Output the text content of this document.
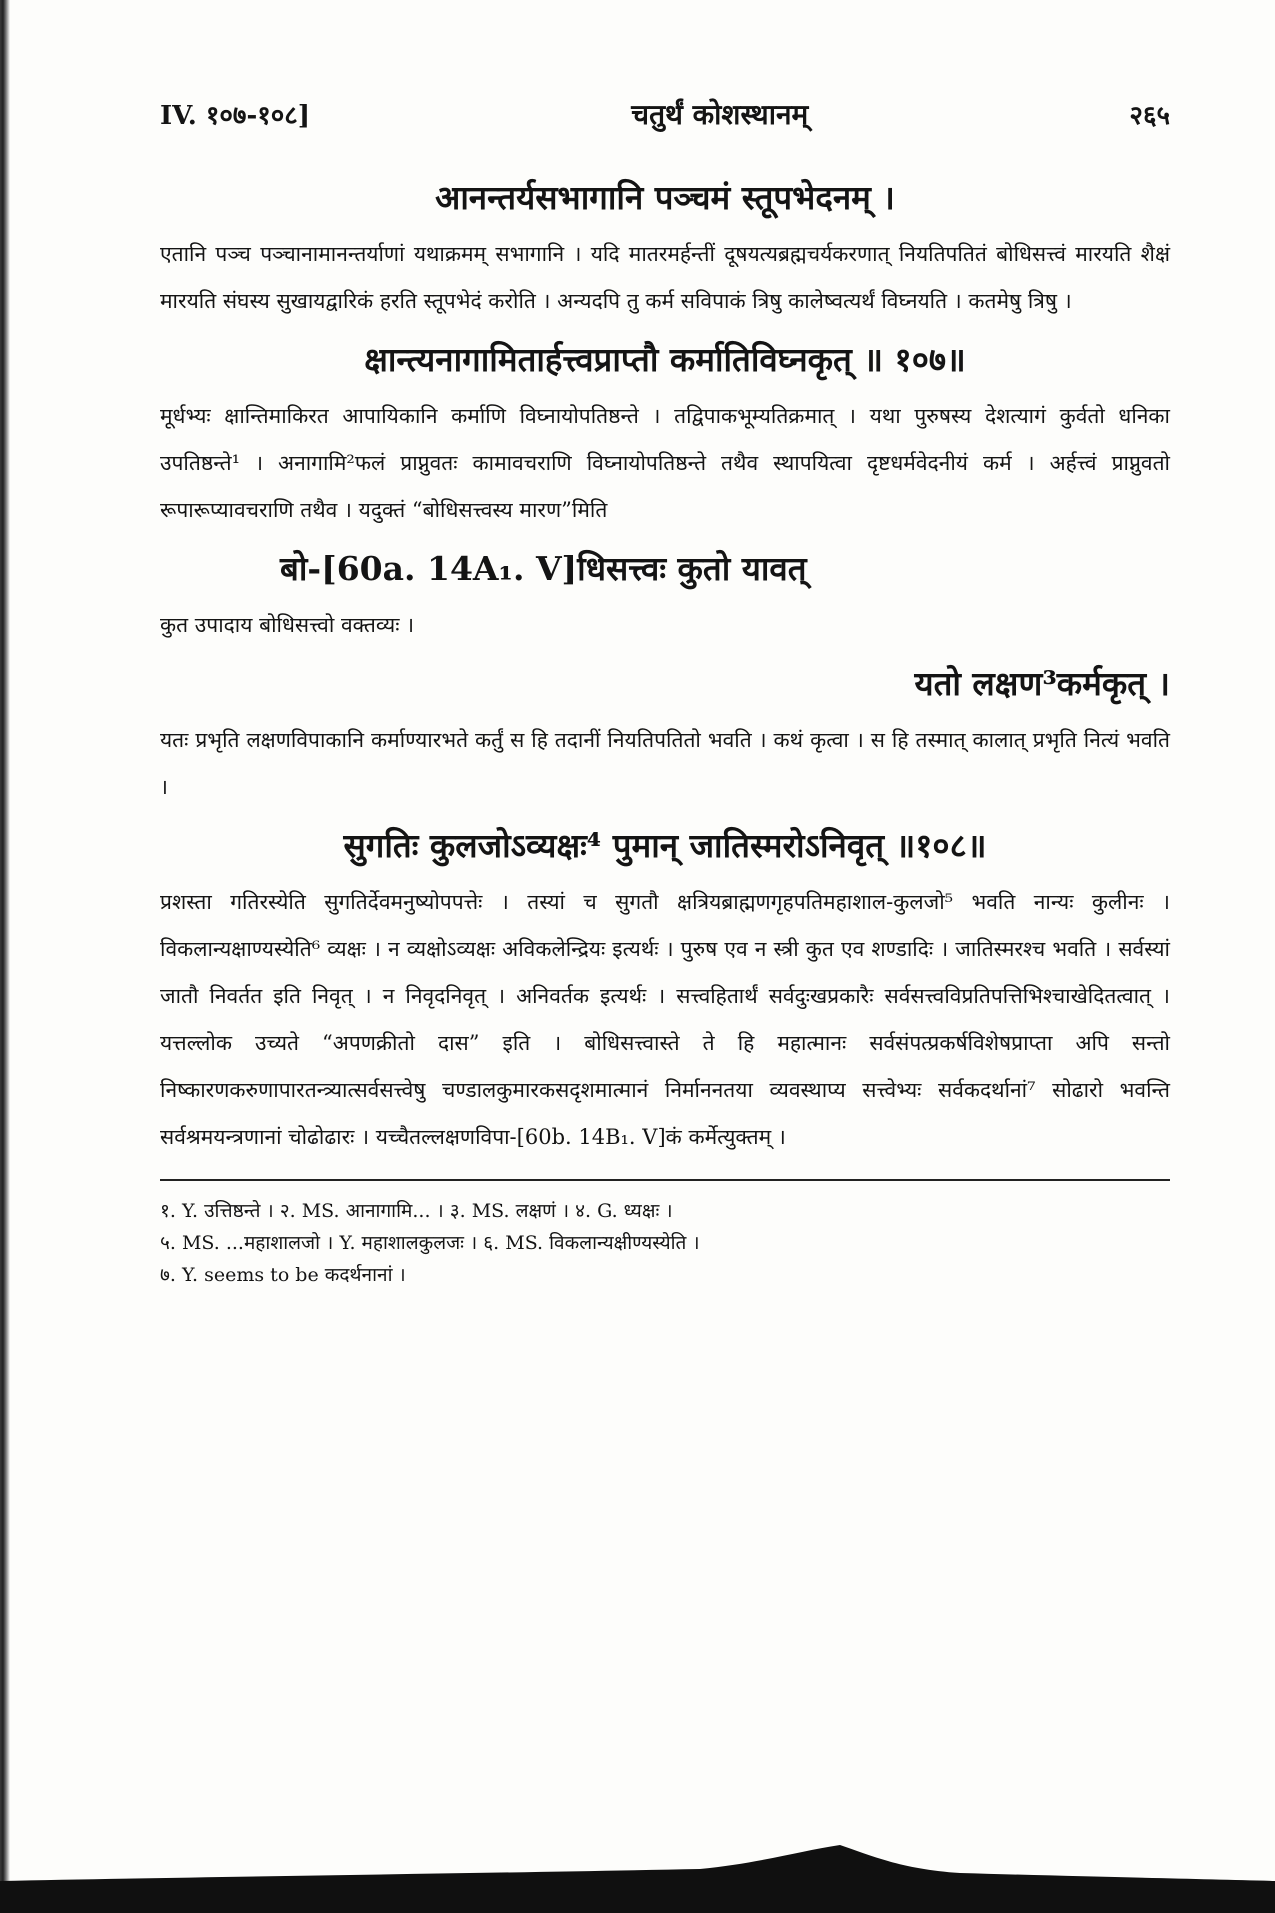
IV. १०७-१०८]	चतुर्थं कोशस्थानम्	२६५
आनन्तर्यसभागानि पञ्चमं स्तूपभेदनम् ।
एतानि पञ्च पञ्चानामानन्तर्याणां यथाक्रमम् सभागानि । यदि मातरमर्हन्तीं दूषयत्यब्रह्मचर्यकरणात् नियतिपतितं बोधिसत्त्वं मारयति शैक्षं मारयति संघस्य सुखायद्वारिकं हरति स्तूपभेदं करोति । अन्यदपि तु कर्म सविपाकं त्रिषु कालेष्वत्यर्थं विघ्नयति । कतमेषु त्रिषु ।
क्षान्त्यनागामितार्हत्त्वप्राप्तौ कर्मातिविघ्नकृत् ॥ १०७॥
मूर्धभ्यः क्षान्तिमाकिरत आपायिकानि कर्माणि विघ्नायोपतिष्ठन्ते । तद्विपाकभूम्यतिक्रमात् । यथा पुरुषस्य देशत्यागं कुर्वतो धनिका उपतिष्ठन्ते¹ । अनागामि²फलं प्राप्नुवतः कामावचराणि विघ्नायोपतिष्ठन्ते तथैव स्थापयित्वा दृष्टधर्मवेदनीयं कर्म । अर्हत्त्वं प्राप्नुवतो रूपारूप्यावचराणि तथैव । यदुक्तं “बोधिसत्त्वस्य मारण”मिति
बो-[60a. 14A₁. V]धिसत्त्वः कुतो यावत्
कुत उपादाय बोधिसत्त्वो वक्तव्यः ।
यतो लक्षण³कर्मकृत् ।
यतः प्रभृति लक्षणविपाकानि कर्माण्यारभते कर्तुं स हि तदानीं नियतिपतितो भवति । कथं कृत्वा । स हि तस्मात् कालात् प्रभृति नित्यं भवति ।
सुगतिः कुलजोऽव्यक्षः⁴ पुमान् जातिस्मरोऽनिवृत् ॥१०८॥
प्रशस्ता गतिरस्येति सुगतिर्देवमनुष्योपपत्तेः । तस्यां च सुगतौ क्षत्रियब्राह्मणगृहपतिमहाशाल-कुलजो⁵ भवति नान्यः कुलीनः । विकलान्यक्षाण्यस्येति⁶ व्यक्षः । न व्यक्षोऽव्यक्षः अविकलेन्द्रियः इत्यर्थः । पुरुष एव न स्त्री कुत एव शण्डादिः । जातिस्मरश्च भवति । सर्वस्यां जातौ निवर्तत इति निवृत् । न निवृदनिवृत् । अनिवर्तक इत्यर्थः । सत्त्वहितार्थं सर्वदुःखप्रकारैः सर्वसत्त्वविप्रतिपत्तिभिश्चाखेदितत्वात् । यत्तल्लोक उच्यते “अपणक्रीतो दास” इति । बोधिसत्त्वास्ते ते हि महात्मानः सर्वसंपत्प्रकर्षविशेषप्राप्ता अपि सन्तो निष्कारणकरुणापारतन्त्र्यात्सर्वसत्त्वेषु चण्डालकुमारकसदृशमात्मानं निर्माननतया व्यवस्थाप्य सत्त्वेभ्यः सर्वकदर्थानां⁷ सोढारो भवन्ति सर्वश्रमयन्त्रणानां चोढोढारः । यच्चैतल्लक्षणविपा-[60b. 14B₁. V]कं कर्मेत्युक्तम् ।
१. Y. उत्तिष्ठन्ते । २. MS. आनागामि... । ३. MS. लक्षणं । ४. G. ध्यक्षः ।
५. MS. ...महाशालजो । Y. महाशालकुलजः । ६. MS. विकलान्यक्षीण्यस्येति ।
७. Y. seems to be कदर्थनानां ।
